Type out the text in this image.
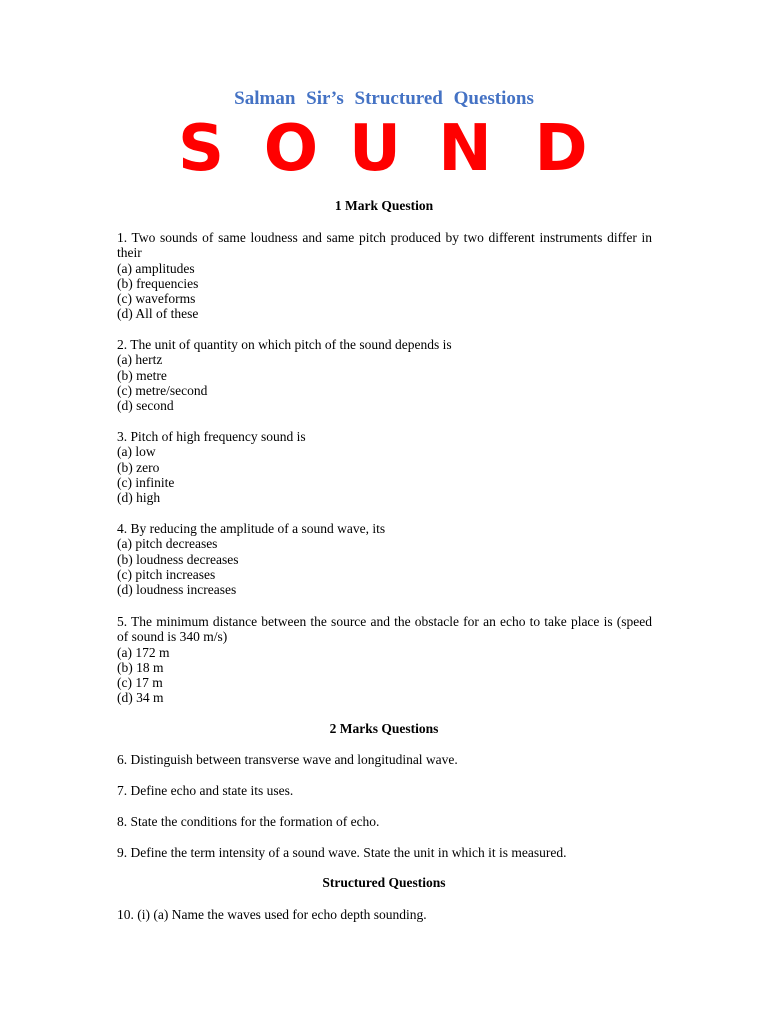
Salman Sir’s Structured Questions
S O U N D
1 Mark Question
1. Two sounds of same loudness and same pitch produced by two different instruments differ in their
(a) amplitudes
(b) frequencies
(c) waveforms
(d) All of these
2. The unit of quantity on which pitch of the sound depends is
(a) hertz
(b) metre
(c) metre/second
(d) second
3. Pitch of high frequency sound is
(a) low
(b) zero
(c) infinite
(d) high
4. By reducing the amplitude of a sound wave, its
(a) pitch decreases
(b) loudness decreases
(c) pitch increases
(d) loudness increases
5. The minimum distance between the source and the obstacle for an echo to take place is (speed of sound is 340 m/s)
(a) 172 m
(b) 18 m
(c) 17 m
(d) 34 m
2 Marks Questions
6. Distinguish between transverse wave and longitudinal wave.
7. Define echo and state its uses.
8. State the conditions for the formation of echo.
9. Define the term intensity of a sound wave. State the unit in which it is measured.
Structured Questions
10. (i) (a) Name the waves used for echo depth sounding.
